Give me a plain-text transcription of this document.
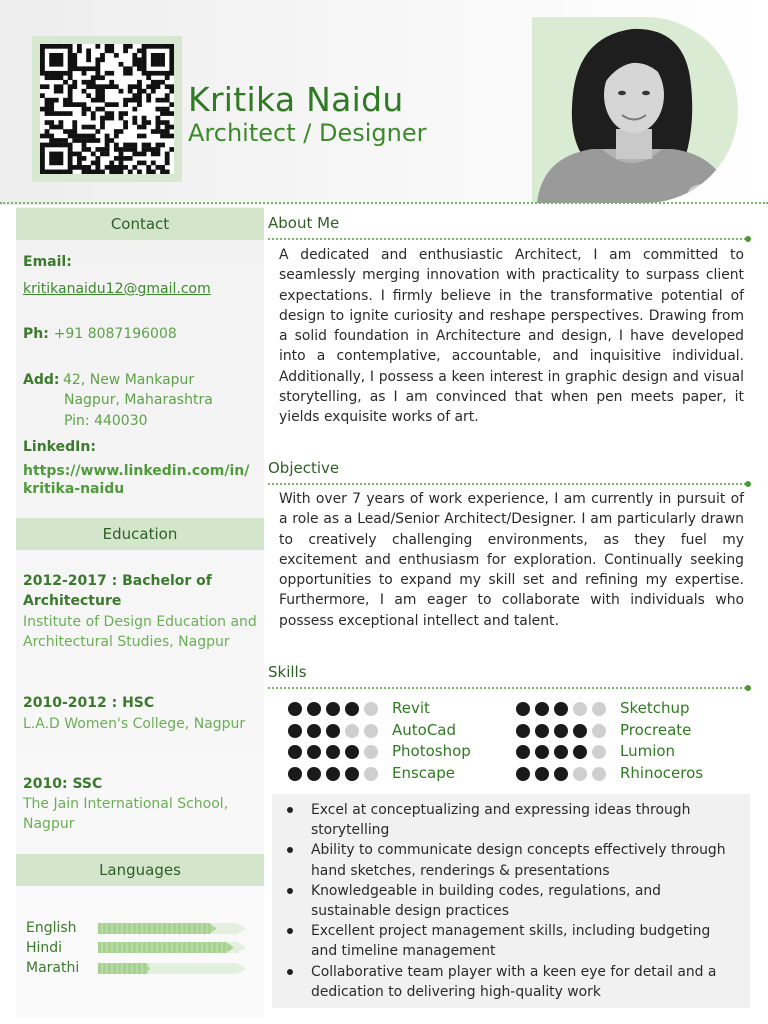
Kritika Naidu
Architect / Designer
Contact
Email:
kritikanaidu12@gmail.com
Ph: +91 8087196008
Add: 42, New Mankapur
Nagpur, Maharashtra
Pin: 440030
LinkedIn:
https://www.linkedin.com/in/
kritika-naidu
Education
2012-2017 : Bachelor of Architecture
Institute of Design Education and Architectural Studies, Nagpur
2010-2012 : HSC
L.A.D Women's College, Nagpur
2010: SSC
The Jain International School, Nagpur
Languages
English
Hindi
Marathi
About Me
A dedicated and enthusiastic Architect, I am committed to seamlessly merging innovation with practicality to surpass client expectations. I firmly believe in the transformative potential of design to ignite curiosity and reshape perspectives. Drawing from a solid foundation in Architecture and design, I have developed into a contemplative, accountable, and inquisitive individual. Additionally, I possess a keen interest in graphic design and visual storytelling, as I am convinced that when pen meets paper, it yields exquisite works of art.
Objective
With over 7 years of work experience, I am currently in pursuit of a role as a Lead/Senior Architect/Designer. I am particularly drawn to creatively challenging environments, as they fuel my excitement and enthusiasm for exploration. Continually seeking opportunities to expand my skill set and refining my expertise. Furthermore, I am eager to collaborate with individuals who possess exceptional intellect and talent.
Skills
Revit
AutoCad
Photoshop
Enscape
Sketchup
Procreate
Lumion
Rhinoceros
Excel at conceptualizing and expressing ideas through storytelling
Ability to communicate design concepts effectively through hand sketches, renderings & presentations
Knowledgeable in building codes, regulations, and sustainable design practices
Excellent project management skills, including budgeting and timeline management
Collaborative team player with a keen eye for detail and a dedication to delivering high-quality work
